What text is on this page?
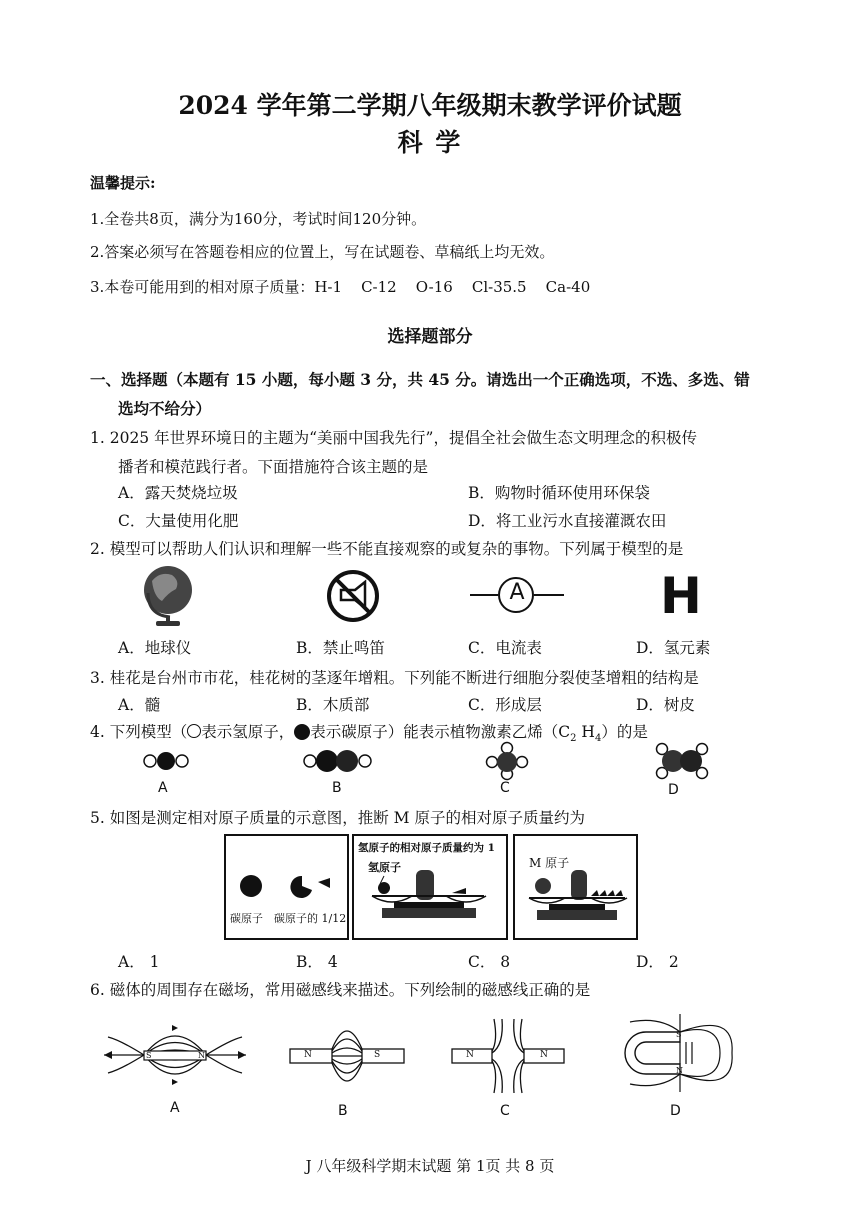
2024 学年第二学期八年级期末教学评价试题
科 学
温馨提示:
1.全卷共8页，满分为160分，考试时间120分钟。
2.答案必须写在答题卷相应的位置上，写在试题卷、草稿纸上均无效。
3.本卷可能用到的相对原子质量：H-1    C-12    O-16    Cl-35.5    Ca-40
选择题部分
一、选择题（本题有 15 小题，每小题 3 分，共 45 分。请选出一个正确选项，不选、多选、错
选均不给分）
1. 2025 年世界环境日的主题为“美丽中国我先行”，提倡全社会做生态文明理念的积极传
播者和模范践行者。下面措施符合该主题的是
A．露天焚烧垃圾	B．购物时循环使用环保袋
C．大量使用化肥	D．将工业污水直接灌溉农田
2. 模型可以帮助人们认识和理解一些不能直接观察的或复杂的事物。下列属于模型的是
A	H
A．地球仪	B．禁止鸣笛	C．电流表	D．氢元素
3. 桂花是台州市市花，桂花树的茎逐年增粗。下列能不断进行细胞分裂使茎增粗的结构是
A．髓	B．木质部	C．形成层	D．树皮
4. 下列模型（ 表示氢原子， 表示碳原子）能表示植物激素乙烯（$C_2$ $H_4$）的是
A	B	C	D
5. 如图是测定相对原子质量的示意图，推断 M 原子的相对原子质量约为
碳原子 碳原子的 1/12
氢原子的相对原子质量约为 1
氢原子	M 原子
A． 1	B． 4	C． 8	D． 2
6. 磁体的周围存在磁场，常用磁感线来描述。下列绘制的磁感线正确的是
S	N	N	S	N	N
S
N
A	B	C	D
J 八年级科学期末试题 第 1页 共 8 页
